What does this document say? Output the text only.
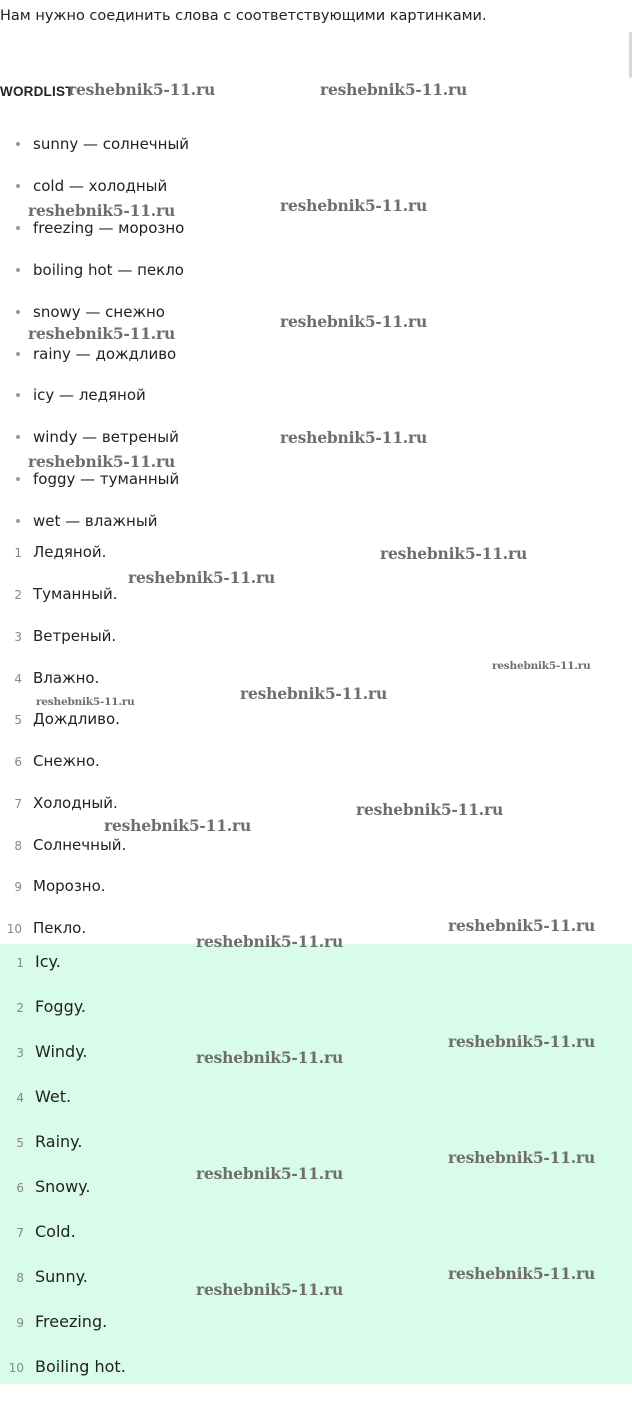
Нам нужно соединить слова с соответствующими картинками.
WORDLIST
sunny — солнечный
cold — холодный
freezing — морозно
boiling hot — пекло
snowy — снежно
rainy — дождливо
icy — ледяной
windy — ветреный
foggy — туманный
wet — влажный
1 Ледяной.
2 Туманный.
3 Ветреный.
4 Влажно.
5 Дождливо.
6 Снежно.
7 Холодный.
8 Солнечный.
9 Морозно.
10 Пекло.
1 Icy.
2 Foggy.
3 Windy.
4 Wet.
5 Rainy.
6 Snowy.
7 Cold.
8 Sunny.
9 Freezing.
10 Boiling hot.
reshebnik5-11.ru	reshebnik5-11.ru
reshebnik5-11.ru	reshebnik5-11.ru
reshebnik5-11.ru
reshebnik5-11.ru
reshebnik5-11.ru
reshebnik5-11.ru
reshebnik5-11.ru
reshebnik5-11.ru
reshebnik5-11.ru
reshebnik5-11.ru
reshebnik5-11.ru
reshebnik5-11.ru
reshebnik5-11.ru
reshebnik5-11.ru
reshebnik5-11.ru
reshebnik5-11.ru
reshebnik5-11.ru
reshebnik5-11.ru
reshebnik5-11.ru
reshebnik5-11.ru
reshebnik5-11.ru
